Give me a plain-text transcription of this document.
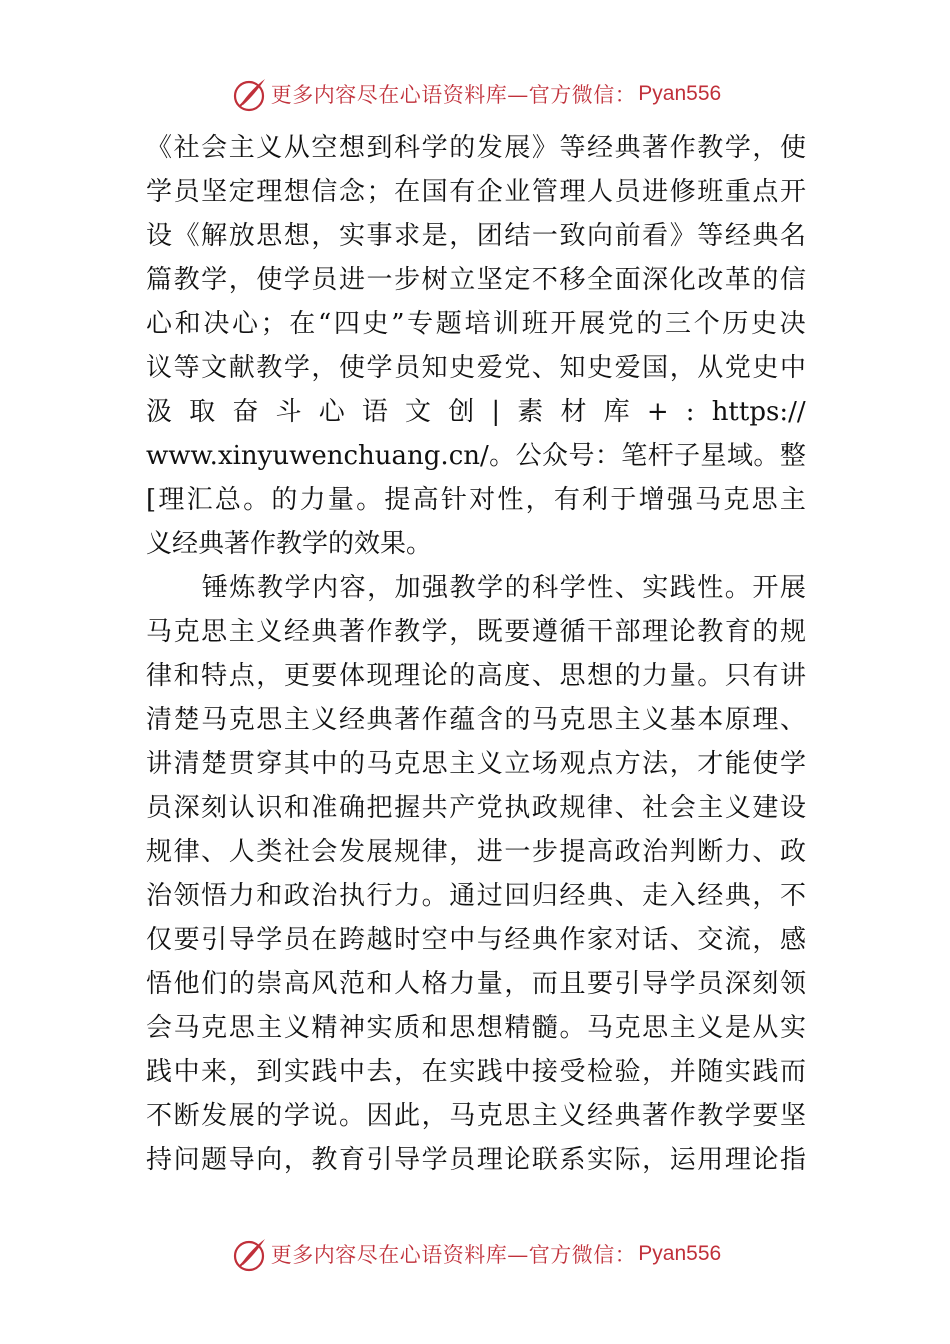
更多内容尽在心语资料库—官方微信： Pyan556
《 社 会 主 义 从 空 想 到 科 学 的 发 展 》 等 经 典 著 作 教 学 ， 使
学 员 坚 定 理 想 信 念 ； 在 国 有 企 业 管 理 人 员 进 修 班 重 点 开
设 《 解 放 思 想 ， 实 事 求 是 ， 团 结 一 致 向 前 看 》 等 经 典 名
篇 教 学 ， 使 学 员 进 一 步 树 立 坚 定 不 移 全 面 深 化 改 革 的 信
心 和 决 心 ； 在 “ 四 史 ” 专 题 培 训 班 开 展 党 的 三 个 历 史 决
议 等 文 献 教 学 ， 使 学 员 知 史 爱 党 、 知 史 爱 国 ， 从 党 史 中
汲 取 奋 斗 心 语 文 创 | 素 材 库 + : https://
www.xinyuwenchuang.cn/ 。 公 众 号 ： 笔 杆 子 星 域 。 整
[ 理 汇 总 。 的 力 量 。 提 高 针 对 性 ， 有 利 于 增 强 马 克 思 主
义经典著作教学的效果。
锤 炼 教 学 内 容 ， 加 强 教 学 的 科 学 性 、 实 践 性 。 开 展
马 克 思 主 义 经 典 著 作 教 学 ， 既 要 遵 循 干 部 理 论 教 育 的 规
律 和 特 点 ， 更 要 体 现 理 论 的 高 度 、 思 想 的 力 量 。 只 有 讲
清 楚 马 克 思 主 义 经 典 著 作 蕴 含 的 马 克 思 主 义 基 本 原 理 、
讲 清 楚 贯 穿 其 中 的 马 克 思 主 义 立 场 观 点 方 法 ， 才 能 使 学
员 深 刻 认 识 和 准 确 把 握 共 产 党 执 政 规 律 、 社 会 主 义 建 设
规 律 、 人 类 社 会 发 展 规 律 ， 进 一 步 提 高 政 治 判 断 力 、 政
治 领 悟 力 和 政 治 执 行 力 。 通 过 回 归 经 典 、 走 入 经 典 ， 不
仅 要 引 导 学 员 在 跨 越 时 空 中 与 经 典 作 家 对 话 、 交 流 ， 感
悟 他 们 的 崇 高 风 范 和 人 格 力 量 ， 而 且 要 引 导 学 员 深 刻 领
会 马 克 思 主 义 精 神 实 质 和 思 想 精 髓 。 马 克 思 主 义 是 从 实
践 中 来 ， 到 实 践 中 去 ， 在 实 践 中 接 受 检 验 ， 并 随 实 践 而
不 断 发 展 的 学 说 。 因 此 ， 马 克 思 主 义 经 典 著 作 教 学 要 坚
持 问 题 导 向 ， 教 育 引 导 学 员 理 论 联 系 实 际 ， 运 用 理 论 指
更多内容尽在心语资料库—官方微信： Pyan556
